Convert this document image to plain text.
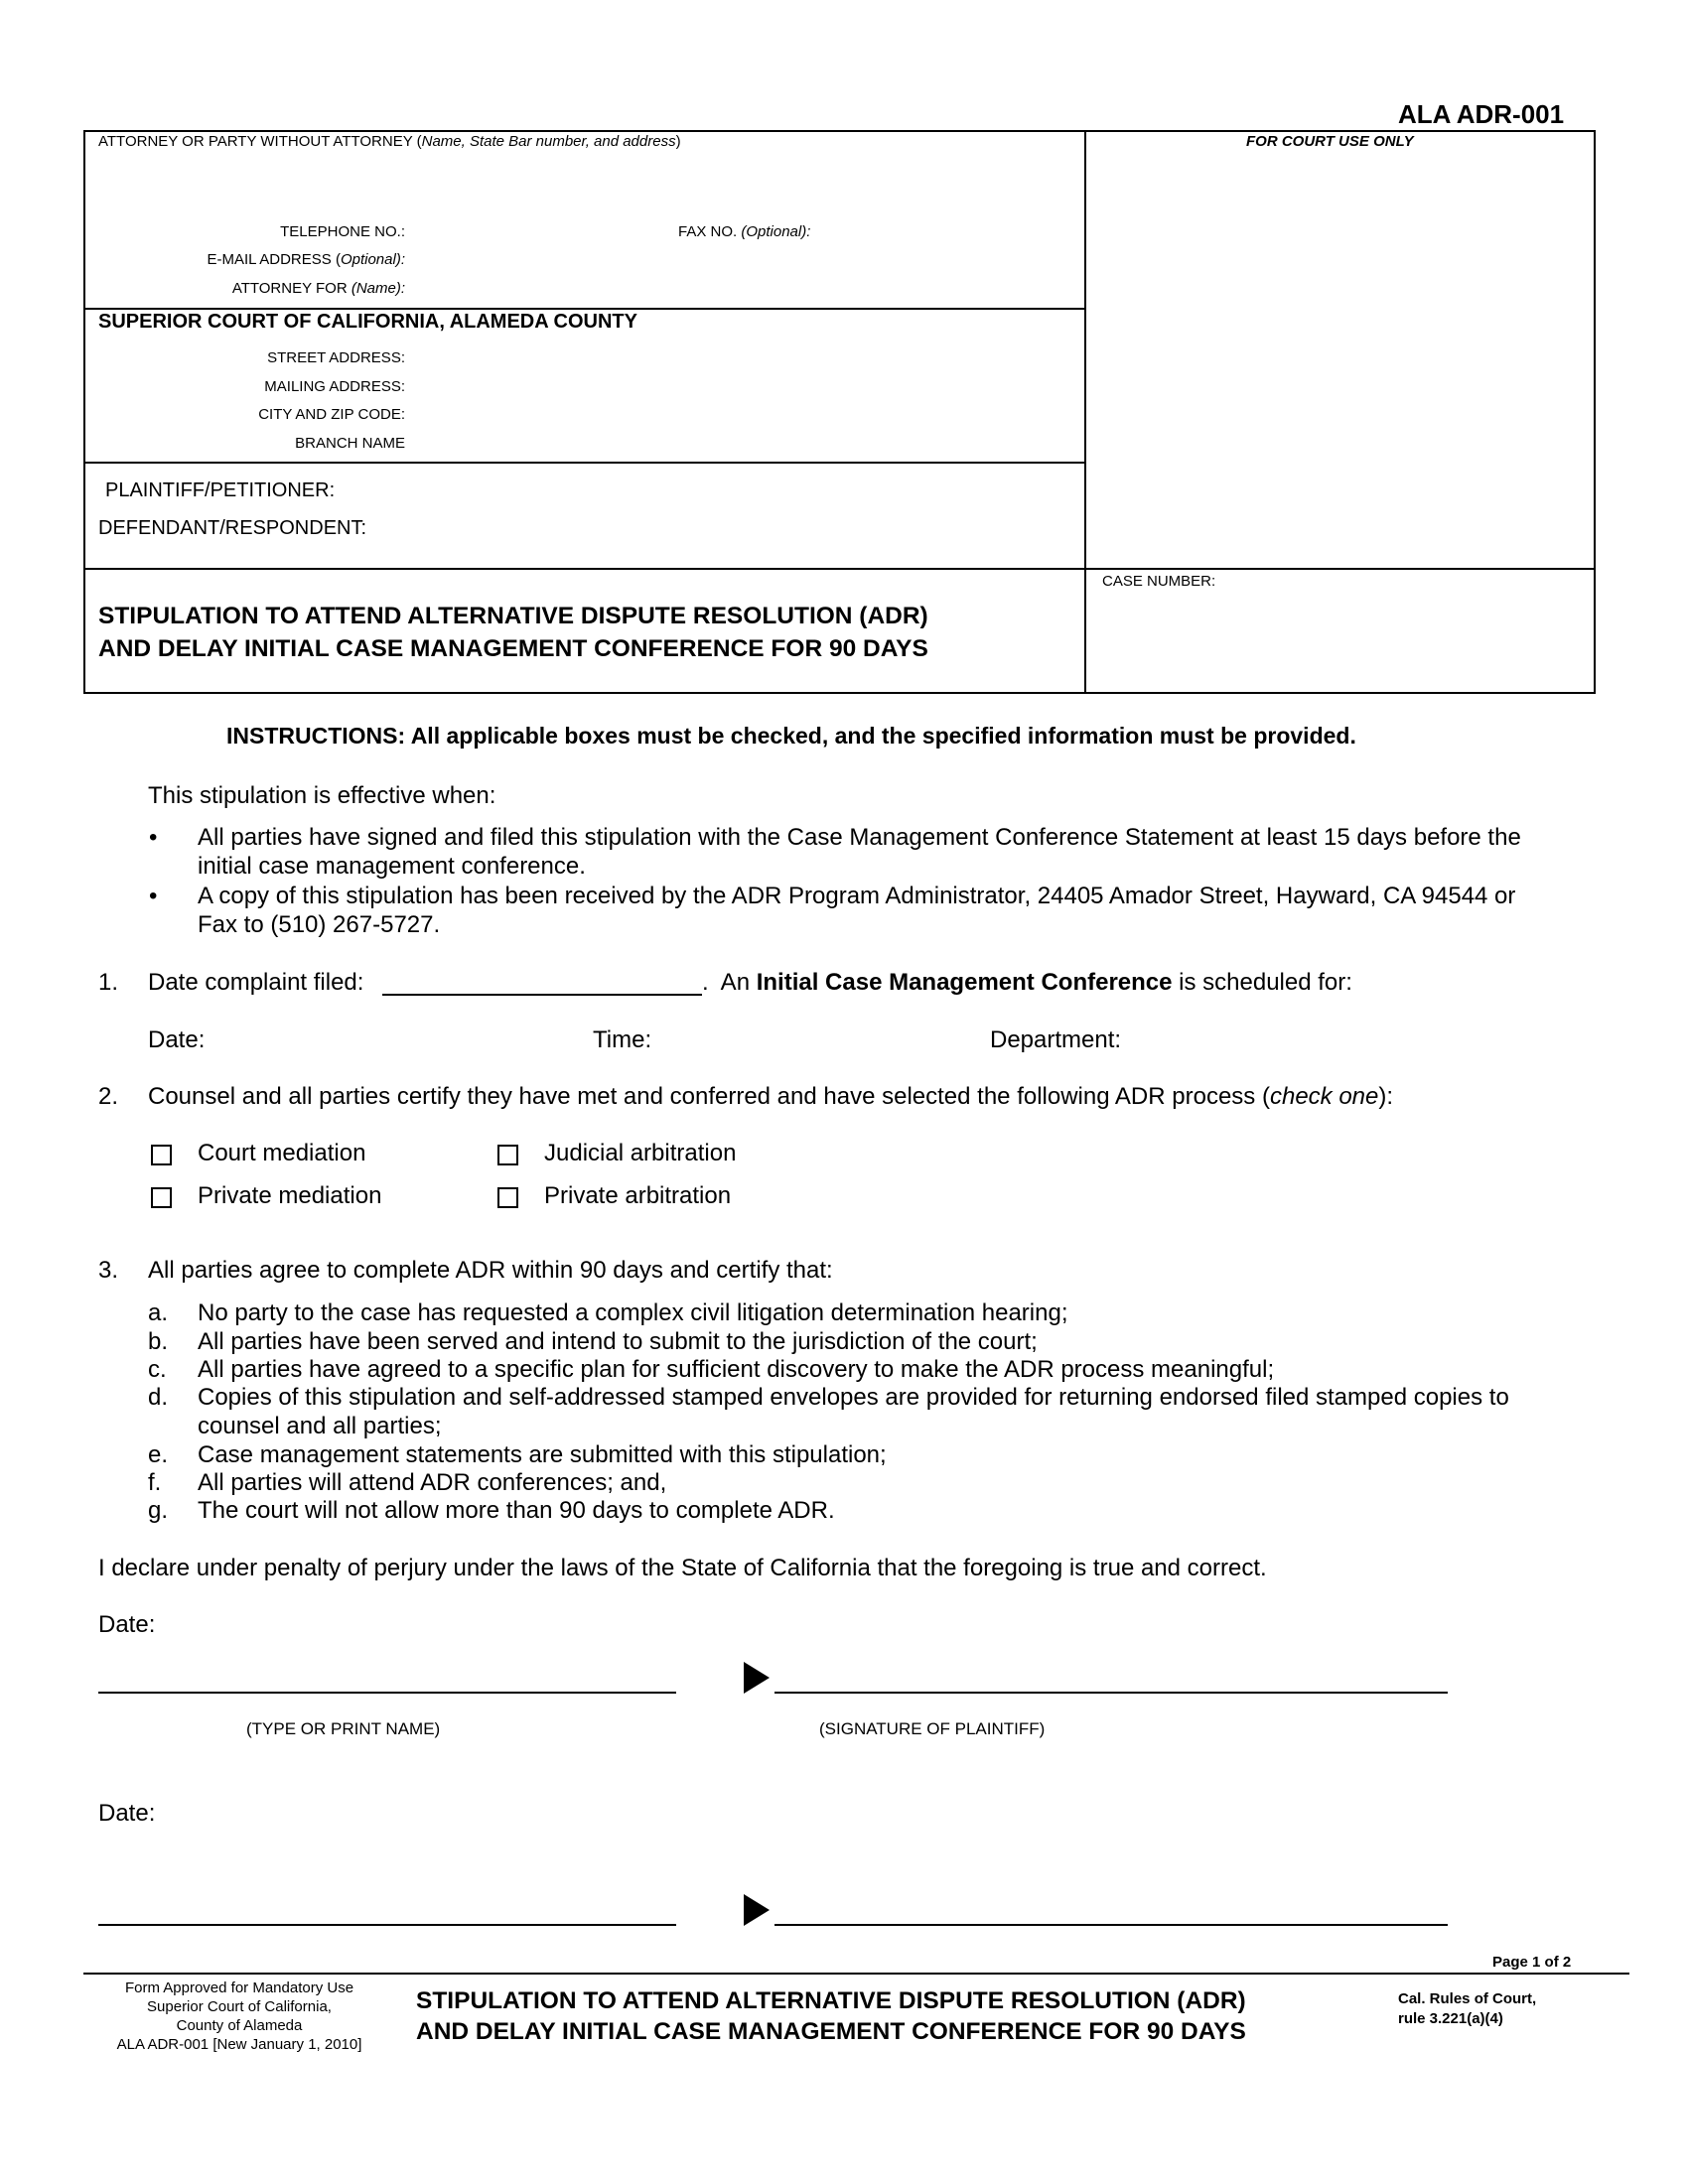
ALA ADR-001
ATTORNEY OR PARTY WITHOUT ATTORNEY (Name, State Bar number, and address)	FOR COURT USE ONLY
TELEPHONE NO.:	FAX NO. (Optional):
E-MAIL ADDRESS (Optional):
ATTORNEY FOR (Name):
SUPERIOR COURT OF CALIFORNIA, ALAMEDA COUNTY
STREET ADDRESS:
MAILING ADDRESS:
CITY AND ZIP CODE:
BRANCH NAME
PLAINTIFF/PETITIONER:
DEFENDANT/RESPONDENT:
STIPULATION TO ATTEND ALTERNATIVE DISPUTE RESOLUTION (ADR)
AND DELAY INITIAL CASE MANAGEMENT CONFERENCE FOR 90 DAYS
CASE NUMBER:
INSTRUCTIONS: All applicable boxes must be checked, and the specified information must be provided.
This stipulation is effective when:
• All parties have signed and filed this stipulation with the Case Management Conference Statement at least 15 days before the
initial case management conference.
• A copy of this stipulation has been received by the ADR Program Administrator, 24405 Amador Street, Hayward, CA 94544 or
Fax to (510) 267-5727.
1. Date complaint filed:	.  An Initial Case Management Conference is scheduled for:
Date:	Time:	Department:
2. Counsel and all parties certify they have met and conferred and have selected the following ADR process (check one):
Court mediation	Judicial arbitration
Private mediation	Private arbitration
3. All parties agree to complete ADR within 90 days and certify that:
a. No party to the case has requested a complex civil litigation determination hearing;
b. All parties have been served and intend to submit to the jurisdiction of the court;
c. All parties have agreed to a specific plan for sufficient discovery to make the ADR process meaningful;
d. Copies of this stipulation and self-addressed stamped envelopes are provided for returning endorsed filed stamped copies to
counsel and all parties;
e. Case management statements are submitted with this stipulation;
f. All parties will attend ADR conferences; and,
g. The court will not allow more than 90 days to complete ADR.
I declare under penalty of perjury under the laws of the State of California that the foregoing is true and correct.
Date:
(TYPE OR PRINT NAME)	(SIGNATURE OF PLAINTIFF)
Date:
Page 1 of 2
Form Approved for Mandatory Use
Superior Court of California,
County of Alameda
ALA ADR-001 [New January 1, 2010]
STIPULATION TO ATTEND ALTERNATIVE DISPUTE RESOLUTION (ADR)
AND DELAY INITIAL CASE MANAGEMENT CONFERENCE FOR 90 DAYS
Cal. Rules of Court,
rule 3.221(a)(4)
